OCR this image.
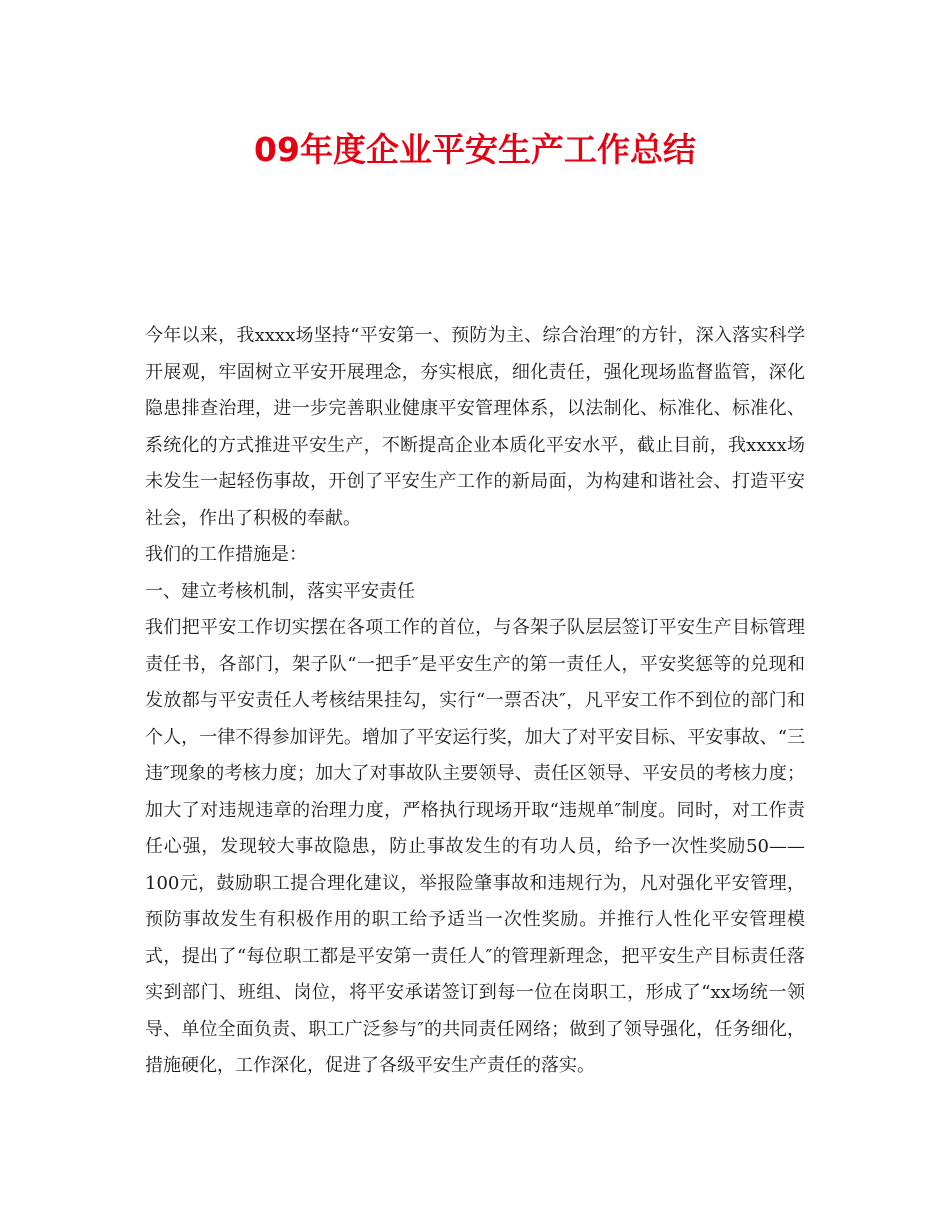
09年度企业平安生产工作总结

今年以来，我xxxx场坚持“平安第一、预防为主、综合治理″的方针，深入落实科学开展观，牢固树立平安开展理念，夯实根底，细化责任，强化现场监督监管，深化隐患排查治理，进一步完善职业健康平安管理体系，以法制化、标准化、标准化、系统化的方式推进平安生产，不断提高企业本质化平安水平，截止目前，我xxxx场未发生一起轻伤事故，开创了平安生产工作的新局面，为构建和谐社会、打造平安社会，作出了积极的奉献。

我们的工作措施是：

一、建立考核机制，落实平安责任

我们把平安工作切实摆在各项工作的首位，与各架子队层层签订平安生产目标管理责任书，各部门，架子队“一把手″是平安生产的第一责任人，平安奖惩等的兑现和发放都与平安责任人考核结果挂勾，实行“一票否决″，凡平安工作不到位的部门和个人，一律不得参加评先。增加了平安运行奖，加大了对平安目标、平安事故、“三违″现象的考核力度；加大了对事故队主要领导、责任区领导、平安员的考核力度；加大了对违规违章的治理力度，严格执行现场开取“违规单″制度。同时，对工作责任心强，发现较大事故隐患，防止事故发生的有功人员，给予一次性奖励50——100元，鼓励职工提合理化建议，举报险肇事故和违规行为，凡对强化平安管理，预防事故发生有积极作用的职工给予适当一次性奖励。并推行人性化平安管理模式，提出了“每位职工都是平安第一责任人″的管理新理念，把平安生产目标责任落实到部门、班组、岗位，将平安承诺签订到每一位在岗职工，形成了“xx场统一领导、单位全面负责、职工广泛参与″的共同责任网络；做到了领导强化，任务细化，措施硬化，工作深化，促进了各级平安生产责任的落实。
